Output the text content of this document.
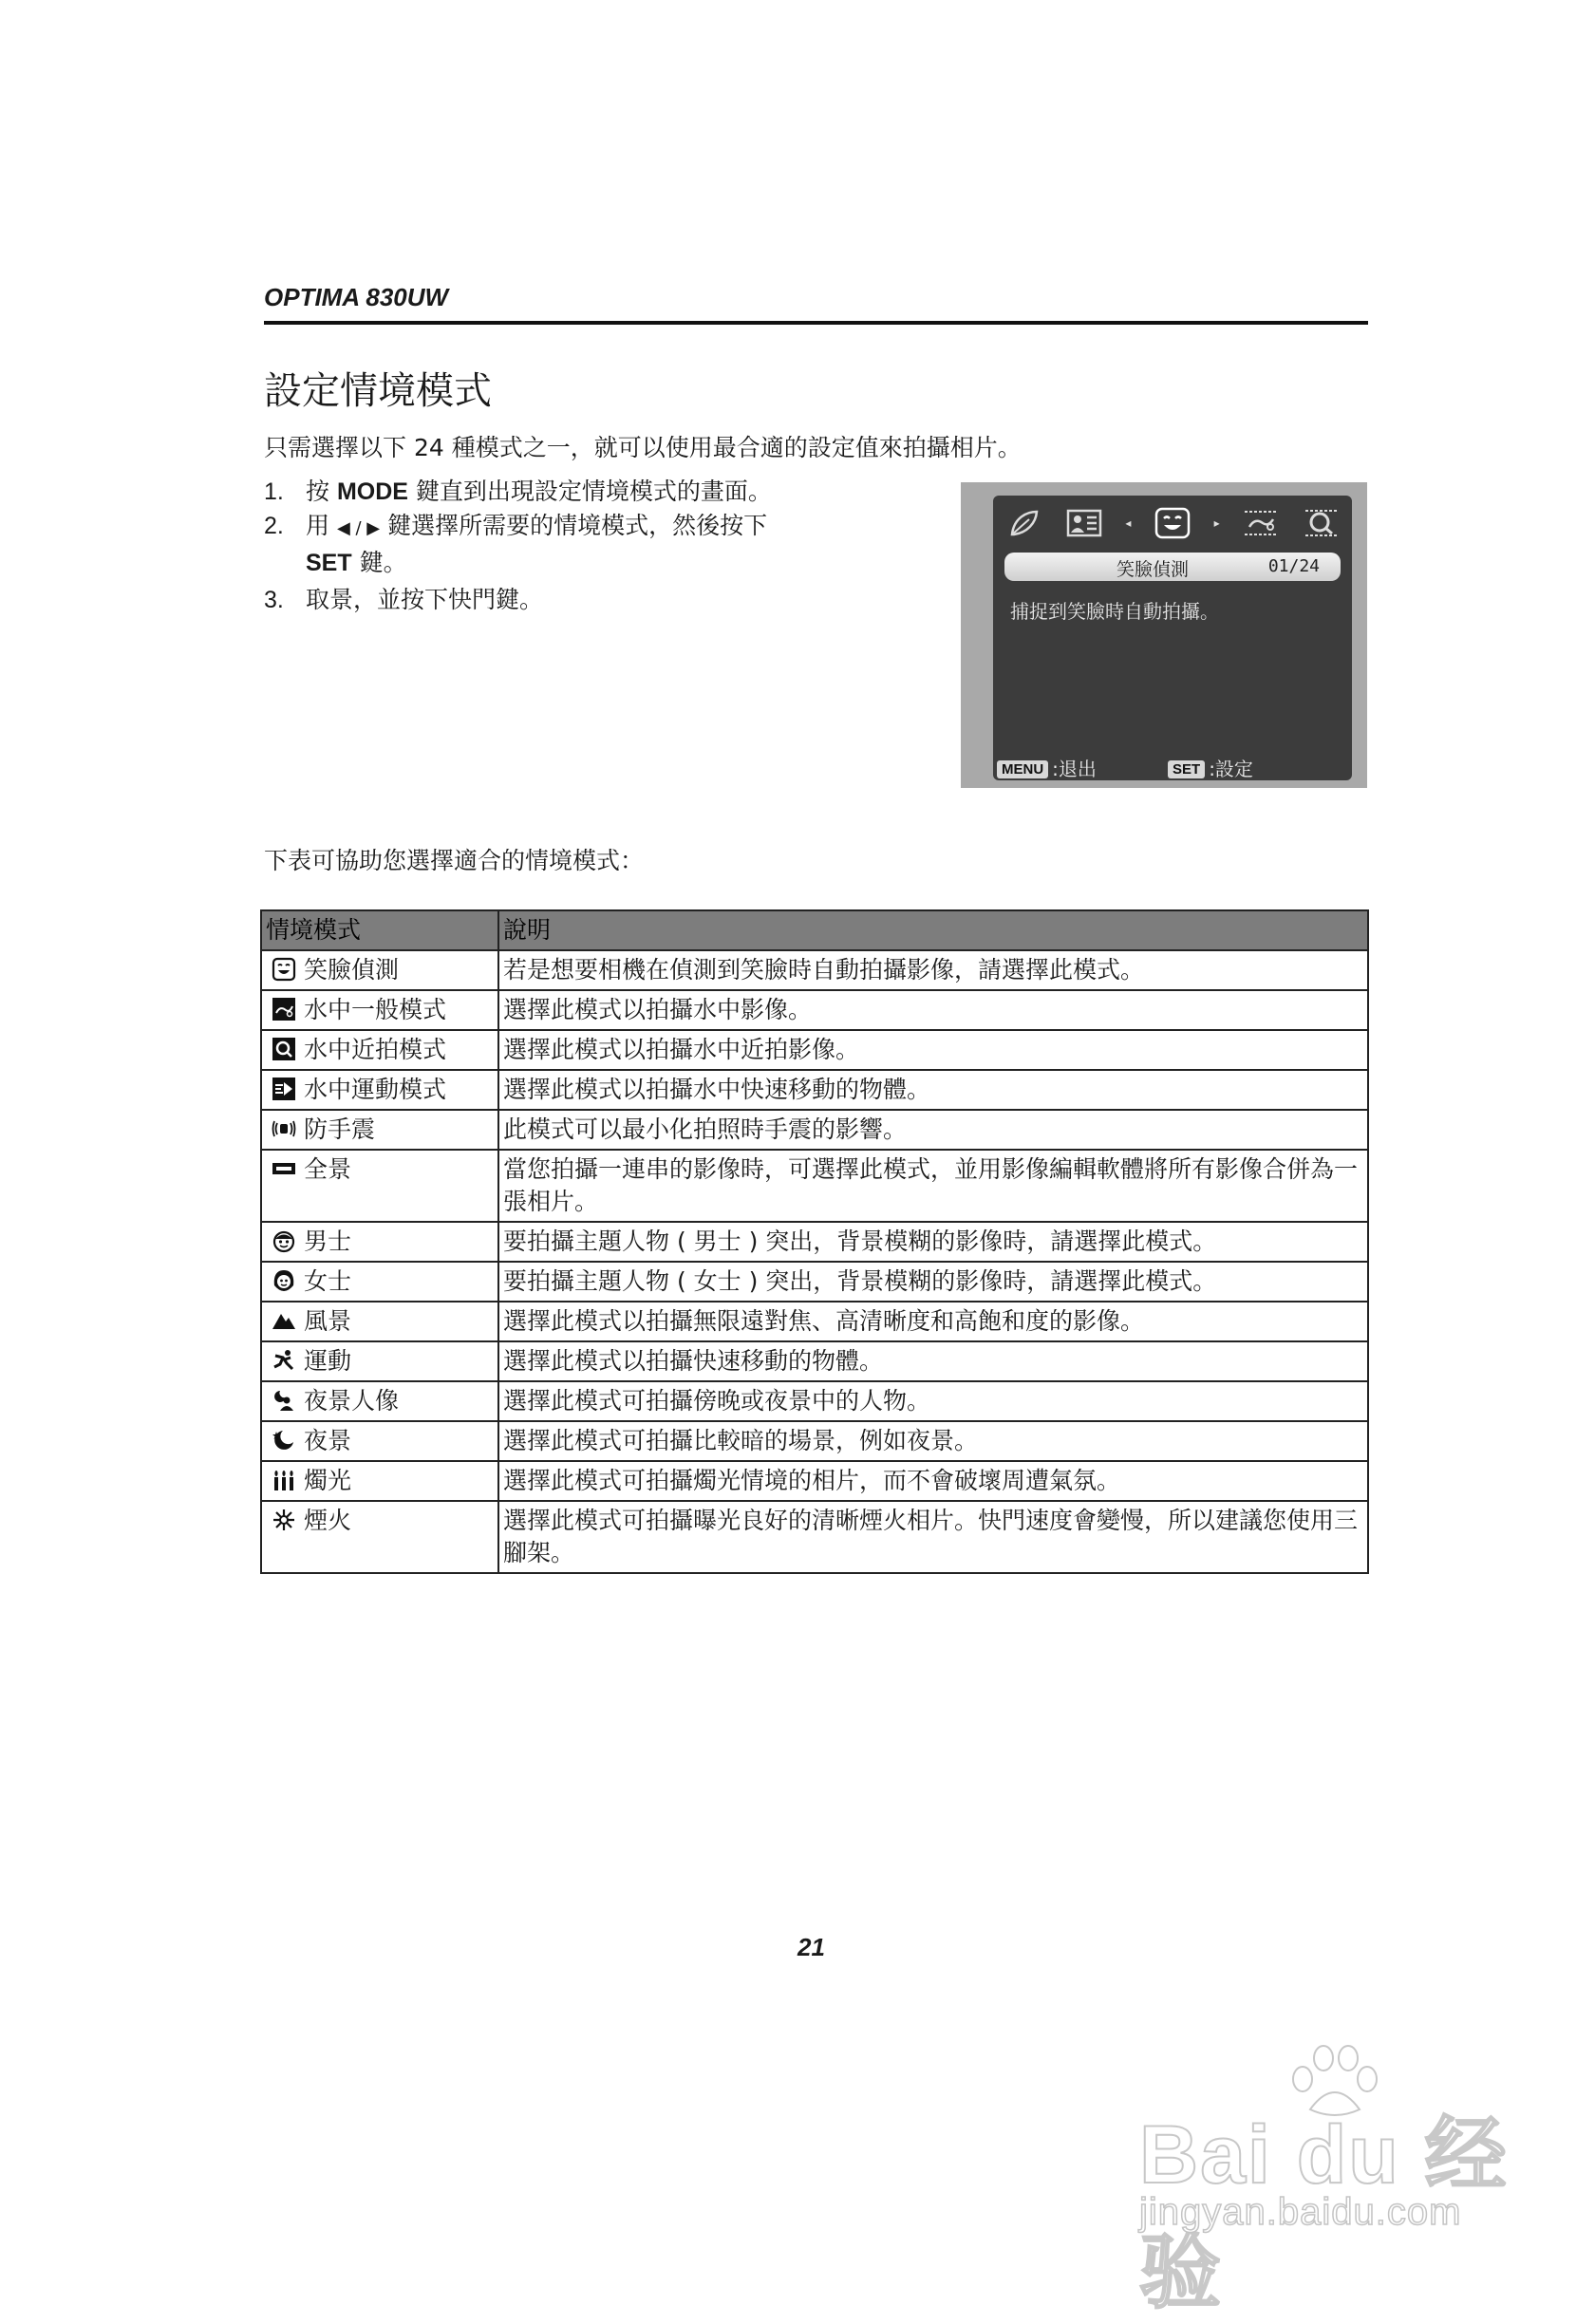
OPTIMA 830UW
設定情境模式
只需選擇以下 24 種模式之一，就可以使用最合適的設定值來拍攝相片。
1. 按 MODE 鍵直到出現設定情境模式的畫面。
2. 用 ◀ / ▶ 鍵選擇所需要的情境模式，然後按下
SET 鍵。
3. 取景，並按下快門鍵。
◂	▸
笑臉偵測	01/24
捕捉到笑臉時自動拍攝。
MENU :退出	SET :設定
下表可協助您選擇適合的情境模式：
情境模式	說明

笑臉偵測	若是想要相機在偵測到笑臉時自動拍攝影像，請選擇此模式。

水中一般模式	選擇此模式以拍攝水中影像。

水中近拍模式	選擇此模式以拍攝水中近拍影像。

水中運動模式	選擇此模式以拍攝水中快速移動的物體。

防手震	此模式可以最小化拍照時手震的影響。

全景	當您拍攝一連串的影像時，可選擇此模式，並用影像編輯軟體將所有影像合併為一張相片。

男士	要拍攝主題人物 ( 男士 ) 突出，背景模糊的影像時，請選擇此模式。

女士	要拍攝主題人物 ( 女士 ) 突出，背景模糊的影像時，請選擇此模式。

風景	選擇此模式以拍攝無限遠對焦、高清晰度和高飽和度的影像。

運動	選擇此模式以拍攝快速移動的物體。

夜景人像	選擇此模式可拍攝傍晚或夜景中的人物。

夜景	選擇此模式可拍攝比較暗的場景，例如夜景。

燭光	選擇此模式可拍攝燭光情境的相片，而不會破壞周遭氣氛。

煙火	選擇此模式可拍攝曝光良好的清晰煙火相片。快門速度會變慢，所以建議您使用三腳架。
21
Bai du 经验
jingyan.baidu.com
